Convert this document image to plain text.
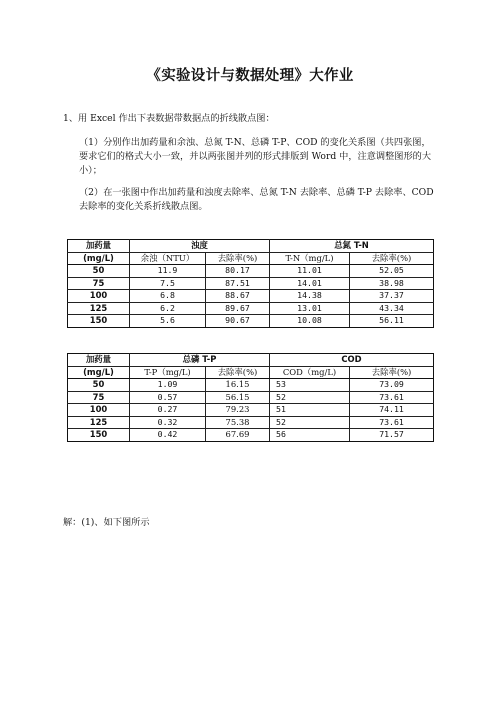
《实验设计与数据处理》大作业
1、用 Excel 作出下表数据带数据点的折线散点图：
（1）分别作出加药量和余浊、总氮 T-N、总磷 T-P、COD 的变化关系图（共四张图，要求它们的格式大小一致，并以两张图并列的形式排版到 Word 中，注意调整图形的大小）；
（2）在一张图中作出加药量和浊度去除率、总氮 T-N 去除率、总磷 T-P 去除率、COD 去除率的变化关系折线散点图。
加药量	浊度		总氮 T-N	
(mg/L)	余浊（NTU）	去除率(%)	T-N（mg/L)	去除率(%)
50	11.9	80.17	11.01	52.05
75	7.5	87.51	14.01	38.98
100	6.8	88.67	14.38	37.37
125	6.2	89.67	13.01	43.34
150	5.6	90.67	10.08	56.11
加药量	总磷 T-P		COD	
(mg/L)	T-P（mg/L)	去除率(%)	COD（mg/L)	去除率(%)
50	1.09	16.15	53	73.09
75	0.57	56.15	52	73.61
100	0.27	79.23	51	74.11
125	0.32	75.38	52	73.61
150	0.42	67.69	56	71.57
解：(1)、如下图所示
